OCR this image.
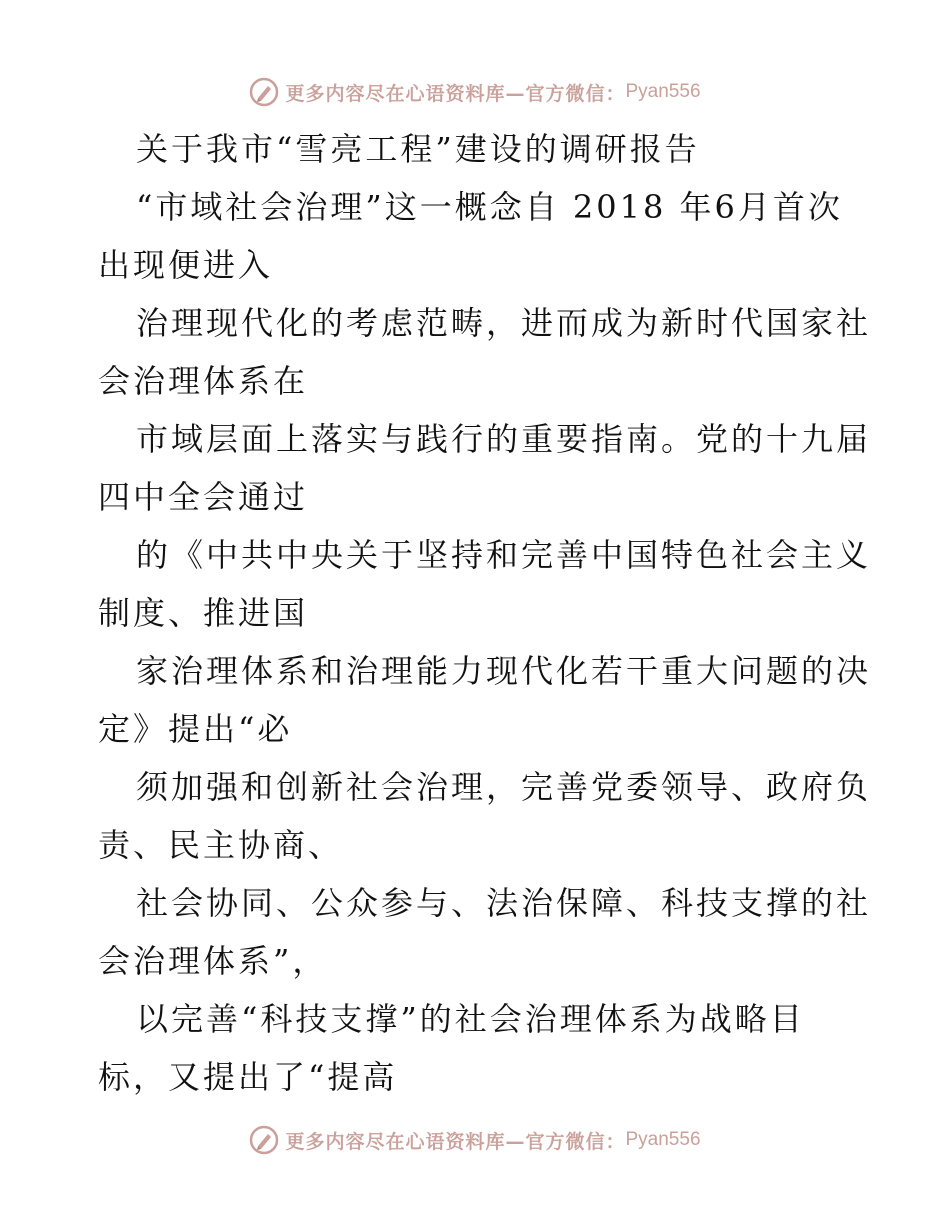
更多内容尽在心语资料库—官方微信： Pyan556
关于我市“雪亮工程”建设的调研报告
“市域社会治理”这一概念自 2018 年6月首次
出现便进入
治理现代化的考虑范畴，进而成为新时代国家社
会治理体系在
市域层面上落实与践行的重要指南。党的十九届
四中全会通过
的《中共中央关于坚持和完善中国特色社会主义
制度、推进国
家治理体系和治理能力现代化若干重大问题的决
定》提出“必
须加强和创新社会治理，完善党委领导、政府负
责、民主协商、
社会协同、公众参与、法治保障、科技支撑的社
会治理体系”，
以完善“科技支撑”的社会治理体系为战略目
标，又提出了“提高
更多内容尽在心语资料库—官方微信： Pyan556
